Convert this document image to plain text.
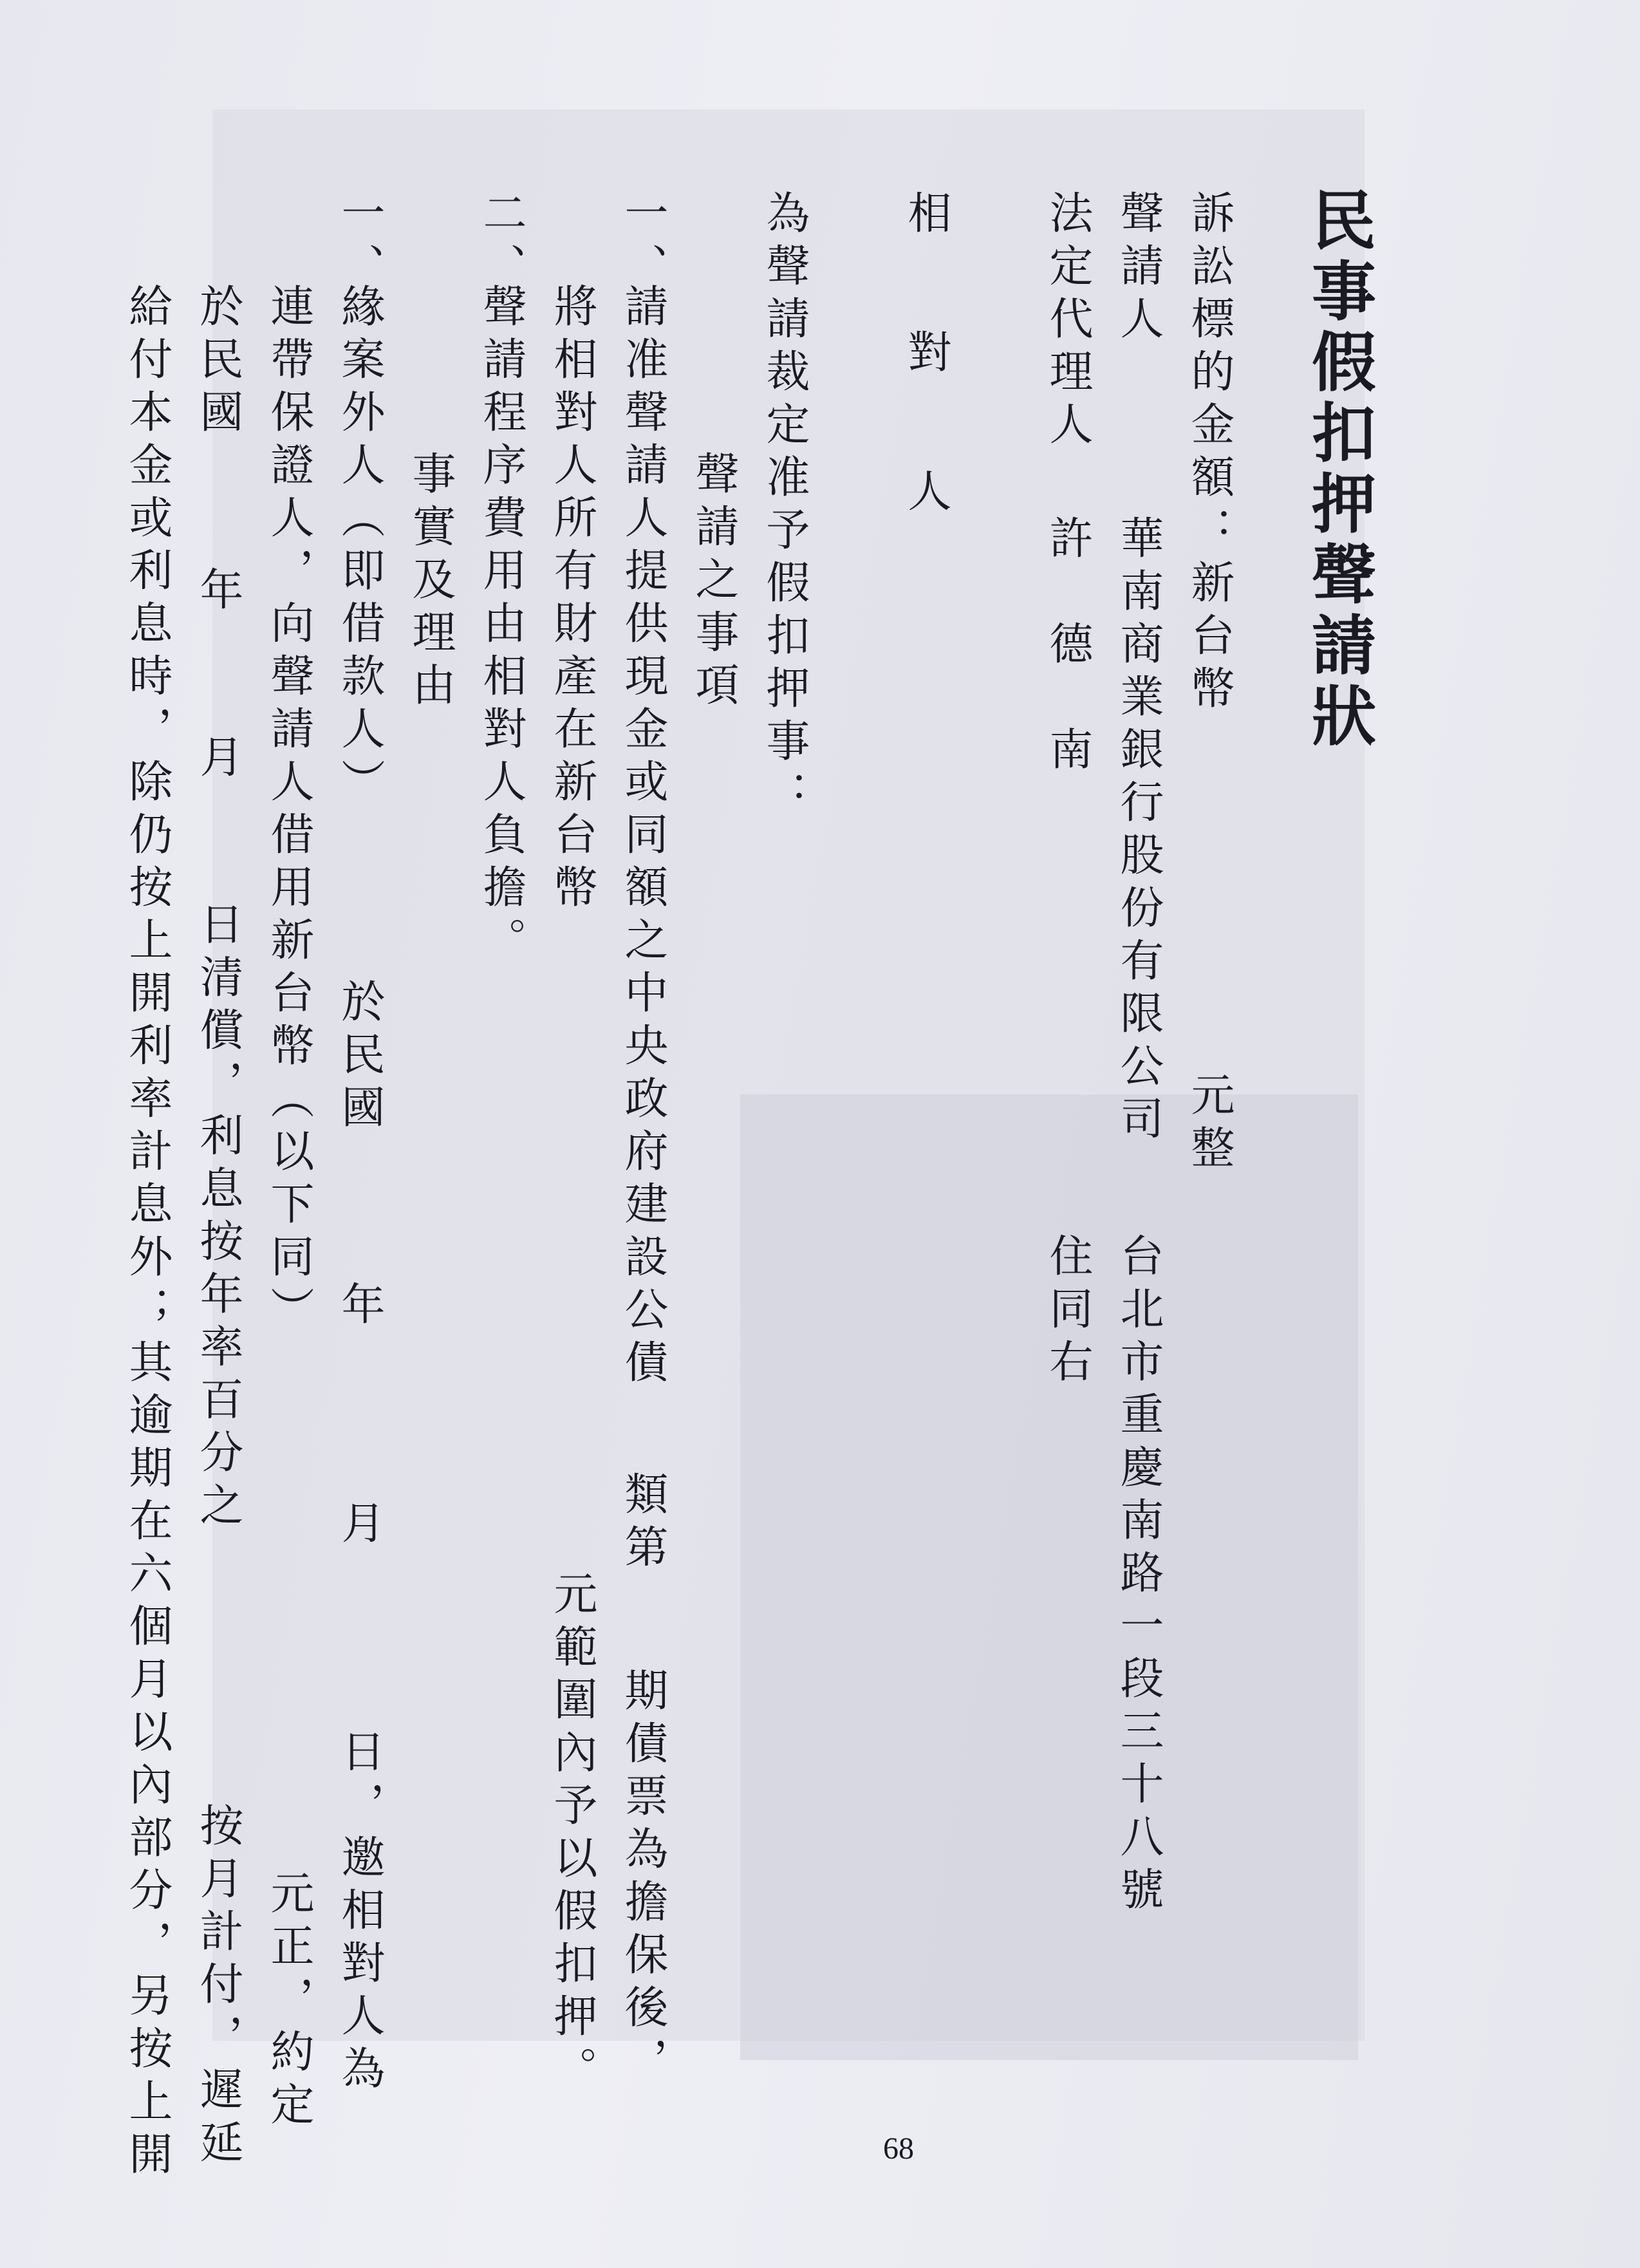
民事假扣押聲請狀
訴訟標的金額：新台幣
元整
聲請人
華南商業銀行股份有限公司
台北市重慶南路一段三十八號
法定代理人
許　德　南
住同右
相　對　人
為聲請裁定准予假扣押事：
聲請之事項
一、
請准聲請人提供現金或同額之中央政府建設公債
類第
期債票為擔保後，
將相對人所有財產在新台幣
元範圍內予以假扣押。
二、
聲請程序費用由相對人負擔。
事實及理由
一、
緣案外人（即借款人）
於民國
年
月
日，邀相對人為
連帶保證人，向聲請人借用新台幣（以下同）
元正，約定
於民國
年
月
日清償，利息按年率百分之
按月計付，遲延
給付本金或利息時，除仍按上開利率計息外；其逾期在六個月以內部分，另按上開	68
